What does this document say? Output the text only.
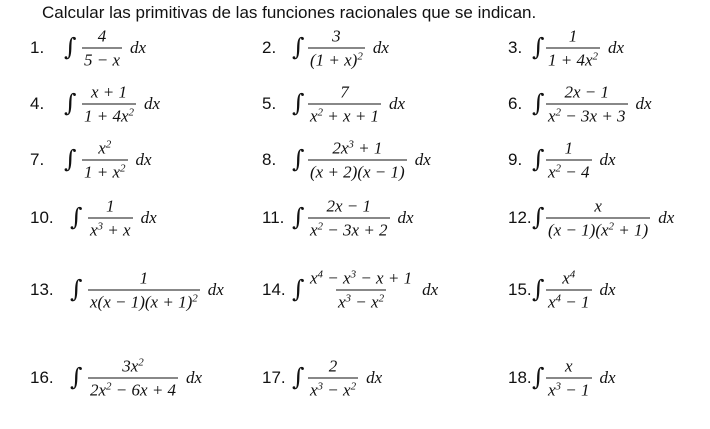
Calcular las primitivas de las funciones racionales que se indican.
1. ∫ $\frac{4}{5 - x}$ dx	2. ∫ $\frac{3}{(1 + x)^2}$ dx	3. ∫ $\frac{1}{1 + 4x^2}$ dx
4. ∫ $\frac{x + 1}{1 + 4x^2}$ dx	5. ∫ $\frac{7}{x^2 + x + 1}$ dx	6. ∫ $\frac{2x - 1}{x^2 - 3x + 3}$ dx
7. ∫ $\frac{x^2}{1 + x^2}$ dx	8. ∫ $\frac{2x^3 + 1}{(x + 2)(x - 1)}$ dx	9. ∫ $\frac{1}{x^2 - 4}$ dx
10. ∫ $\frac{1}{x^3 + x}$ dx	11. ∫ $\frac{2x - 1}{x^2 - 3x + 2}$ dx	12. ∫ $\frac{x}{(x - 1)(x^2 + 1)}$ dx
13. ∫ $\frac{1}{x(x - 1)(x + 1)^2}$ dx 14. ∫ $\frac{x^4 - x^3 - x + 1}{x^3 - x^2}$ dx	15. ∫ $\frac{x^4}{x^4 - 1}$ dx
16. ∫ $\frac{3x^2}{2x^2 - 6x + 4}$ dx	17. ∫ $\frac{2}{x^3 - x^2}$ dx	18. ∫ $\frac{x}{x^3 - 1}$ dx
